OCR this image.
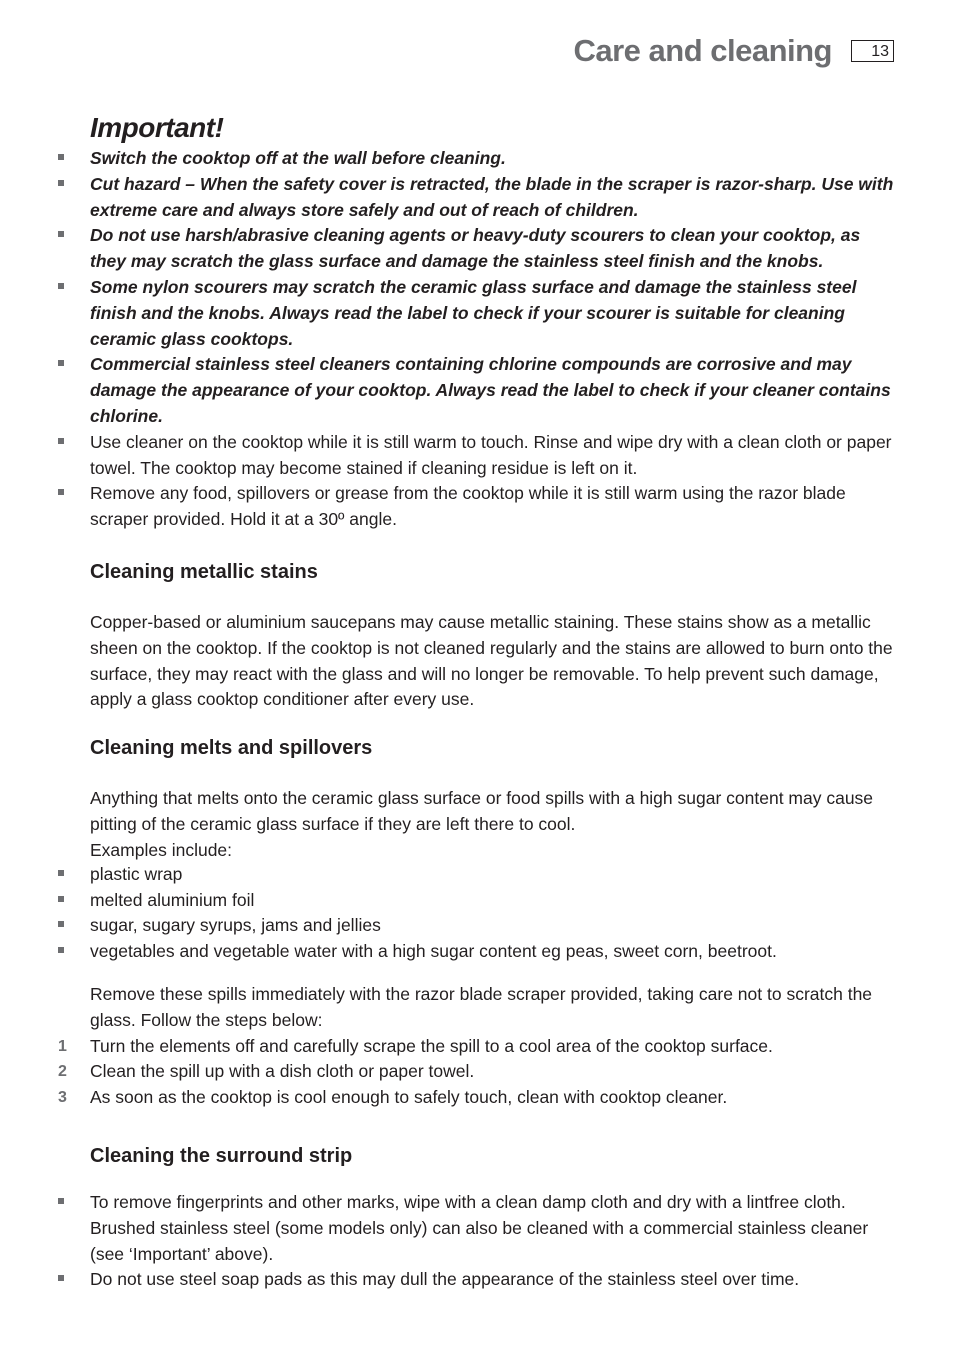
Care and cleaning	13
Important!
Switch the cooktop off at the wall before cleaning.
Cut hazard – When the safety cover is retracted, the blade in the scraper is razor-sharp. Use with extreme care and always store safely and out of reach of children.
Do not use harsh/abrasive cleaning agents or heavy-duty scourers to clean your cooktop, as they may scratch the glass surface and damage the stainless steel finish and the knobs.
Some nylon scourers may scratch the ceramic glass surface and damage the stainless steel finish and the knobs. Always read the label to check if your scourer is suitable for cleaning ceramic glass cooktops.
Commercial stainless steel cleaners containing chlorine compounds are corrosive and may damage the appearance of your cooktop. Always read the label to check if your cleaner contains chlorine.
Use cleaner on the cooktop while it is still warm to touch. Rinse and wipe dry with a clean cloth or paper towel. The cooktop may become stained if cleaning residue is left on it.
Remove any food, spillovers or grease from the cooktop while it is still warm using the razor blade scraper provided. Hold it at a 30º angle.
Cleaning metallic stains

Copper-based or aluminium saucepans may cause metallic staining. These stains show as a metallic sheen on the cooktop. If the cooktop is not cleaned regularly and the stains are allowed to burn onto the surface, they may react with the glass and will no longer be removable. To help prevent such damage, apply a glass cooktop conditioner after every use.

Cleaning melts and spillovers

Anything that melts onto the ceramic glass surface or food spills with a high sugar content may cause pitting of the ceramic glass surface if they are left there to cool.

Examples include:

plastic wrap
melted aluminium foil
sugar, sugary syrups, jams and jellies
vegetables and vegetable water with a high sugar content eg peas, sweet corn, beetroot.

Remove these spills immediately with the razor blade scraper provided, taking care not to scratch the glass. Follow the steps below:

1 Turn the elements off and carefully scrape the spill to a cool area of the cooktop surface.
2 Clean the spill up with a dish cloth or paper towel.
3 As soon as the cooktop is cool enough to safely touch, clean with cooktop cleaner.
Cleaning the surround strip
To remove fingerprints and other marks, wipe with a clean damp cloth and dry with a lintfree cloth. Brushed stainless steel (some models only) can also be cleaned with a commercial stainless cleaner (see ‘Important’ above).
Do not use steel soap pads as this may dull the appearance of the stainless steel over time.
